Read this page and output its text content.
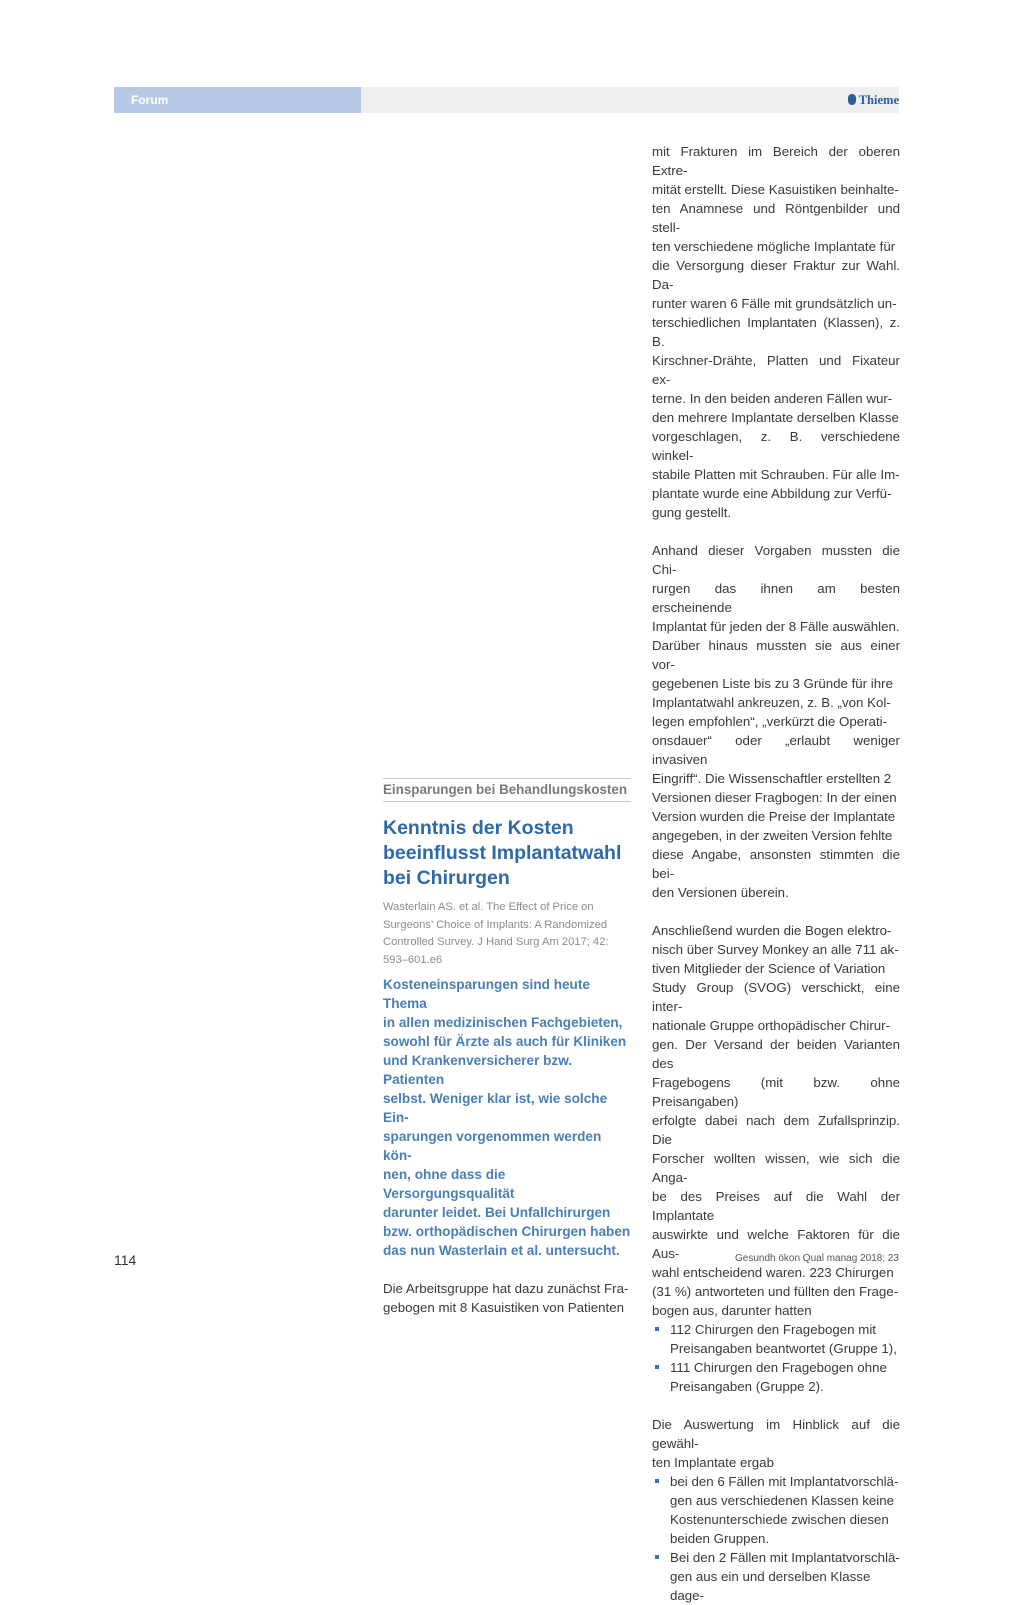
Forum	Thieme
Einsparungen bei Behandlungskosten
Kenntnis der Kosten
beeinflusst Implantatwahl
bei Chirurgen

Wasterlain AS. et al. The Effect of Price on
Surgeons’ Choice of Implants: A Randomized
Controlled Survey. J Hand Surg Am 2017; 42:
593–601.e6

Kosteneinsparungen sind heute Thema
in allen medizinischen Fachgebieten,
sowohl für Ärzte als auch für Kliniken
und Krankenversicherer bzw. Patienten
selbst. Weniger klar ist, wie solche Ein-
sparungen vorgenommen werden kön-
nen, ohne dass die Versorgungsqualität
darunter leidet. Bei Unfallchirurgen
bzw. orthopädischen Chirurgen haben
das nun Wasterlain et al. untersucht.

Die Arbeitsgruppe hat dazu zunächst Fra-
gebogen mit 8 Kasuistiken von Patienten

mit Frakturen im Bereich der oberen Extre-
mität erstellt. Diese Kasuistiken beinhalte-
ten Anamnese und Röntgenbilder und stell-
ten verschiedene mögliche Implantate für
die Versorgung dieser Fraktur zur Wahl. Da-
runter waren 6 Fälle mit grundsätzlich un-
terschiedlichen Implantaten (Klassen), z. B.
Kirschner-Drähte, Platten und Fixateur ex-
terne. In den beiden anderen Fällen wur-
den mehrere Implantate derselben Klasse
vorgeschlagen, z. B. verschiedene winkel-
stabile Platten mit Schrauben. Für alle Im-
plantate wurde eine Abbildung zur Verfü-
gung gestellt.

Anhand dieser Vorgaben mussten die Chi-
rurgen das ihnen am besten erscheinende
Implantat für jeden der 8 Fälle auswählen.
Darüber hinaus mussten sie aus einer vor-
gegebenen Liste bis zu 3 Gründe für ihre
Implantatwahl ankreuzen, z. B. „von Kol-
legen empfohlen“, „verkürzt die Operati-
onsdauer“ oder „erlaubt weniger invasiven
Eingriff“. Die Wissenschaftler erstellten 2
Versionen dieser Fragbogen: In der einen
Version wurden die Preise der Implantate
angegeben, in der zweiten Version fehlte
diese Angabe, ansonsten stimmten die bei-
den Versionen überein.

Anschließend wurden die Bogen elektro-
nisch über Survey Monkey an alle 711 ak-
tiven Mitglieder der Science of Variation
Study Group (SVOG) verschickt, eine inter-
nationale Gruppe orthopädischer Chirur-
gen. Der Versand der beiden Varianten des
Fragebogens (mit bzw. ohne Preisangaben)
erfolgte dabei nach dem Zufallsprinzip. Die
Forscher wollten wissen, wie sich die Anga-
be des Preises auf die Wahl der Implantate
auswirkte und welche Faktoren für die Aus-
wahl entscheidend waren. 223 Chirurgen
(31 %) antworteten und füllten den Frage-
bogen aus, darunter hatten

112 Chirurgen den Fragebogen mit
Preisangaben beantwortet (Gruppe 1),
111 Chirurgen den Fragebogen ohne
Preisangaben (Gruppe 2).

Die Auswertung im Hinblick auf die gewähl-
ten Implantate ergab

bei den 6 Fällen mit Implantatvorschlä-
gen aus verschiedenen Klassen keine
Kostenunterschiede zwischen diesen
beiden Gruppen.
Bei den 2 Fällen mit Implantatvorschlä-
gen aus ein und derselben Klasse dage-
114	Gesundh ökon Qual manag 2018; 23
